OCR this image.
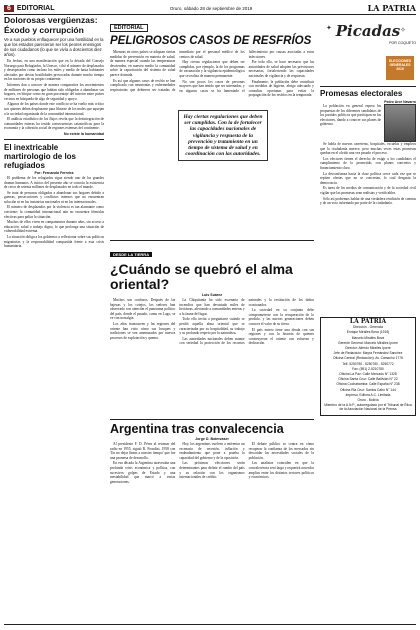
6 EDITORIAL	Oruro, sábado 28 de septiembre de 2019	LA PATRIA
Dolorosas vergüenzas: Éxodo y corrupción
Ve a sus pueblos enflaquecer por una hostilidad en la que los estados parecieran ser los peores enemigos de sus ciudadanos (lo que se vivía a doscientos diez años).

En fechas, en una manifestación que en la década del Consejo Noruego para Refugiados, la Unesco, cifró el número de desplazados y desesperados como incluso los miles y medio de hasta habitantes afectados por obvias hostilidades provocadas durante mucho tiempo en las naciones de su propio continente.

Informes dan a conocer de manera comparativa los movimientos de millones de personas que habían sido obligadas a abandonar sus hogares, en bloque como en gran porcentaje del interior entre países vecinos en búsqueda de algo de seguridad y apoyo.

Algunos de los países donde este conflicto se ha vuelto más crítico son quienes deben desplazarse para librarse de los males que aquejan a la sociedad organizada de la comunidad internacional.

El análisis estadístico de los flujos revela que la desintegración de comunidades enteras ha tenido consecuencias catastróficas para la economía y la cohesión social de regiones extensas del continente.

No existe la humanidad
El inextricable martirologio de los refugiados
Por: Fernando Ferreira

El problema de los refugiados sigue siendo uno de los grandes dramas humanos. A inicios del presente año se conocía la existencia de cerca de setenta millones de desplazados en todo el mundo.

Se trata de personas obligadas a abandonar sus hogares debido a guerras, persecuciones y conflictos internos que no encuentran solución ni en las instancias nacionales ni en las internacionales.

El número de desplazados por la violencia es tan alarmante como creciente; la comunidad internacional aún no encuentra fórmulas efectivas para paliar la situación.

Muchos de ellos viven en campamentos durante años, sin acceso a educación, salud o trabajo digno, lo que prolonga una situación de vulnerabilidad extrema.

La situación obliga a los gobiernos a reflexionar sobre sus políticas migratorias y la responsabilidad compartida frente a esta crisis humanitaria.

EDITORIAL
PELIGROSOS CASOS DE RESFRÍOS

Mientras en otros países se adoptan ciertas medidas de prevención en materia de salud, de manera especial cuando las temperaturas descienden, en nuestro medio la comunidad sobre la capacitación del sistema de salud parece dormida.

Es así que algunos casos de resfrío se han complicado con neumonías y enfermedades respiratorias que debieron ser tratadas de inmediato por el personal médico de los centros de salud.

Hay ciertas regulaciones que deben ser cumplidas, por ejemplo, la de los programas de vacunación y la vigilancia epidemiológica que se realiza de manera permanente.

No son pocos los casos de personas mayores que han tenido que ser internadas, y en algunos casos se ha lamentado el fallecimiento por causas asociadas a estas infecciones.

Por todo ello, se hace necesario que las autoridades de salud adopten las previsiones necesarias, fortaleciendo las capacidades nacionales de vigilancia y de respuesta.

Finalmente, la población debe contribuir con medidas de higiene, abrigo adecuado y consultas oportunas para evitar la propagación de los resfríos en la temporada.

Hay ciertas regulaciones que deben ser cumplidas. Con la de fortalecer las capacidades nacionales de vigilancia y respuesta de la prevención y tratamiento en un tiempo de sistema de salud y en coordinación con las autoridades.
DESDE LA TIERRA
¿Cuándo se quebró el alma oriental?
Luis Suárez

Muchos son confusos. Después de las bajezas y los cotejos, los señores han observado con atención el panorama político del país, donde el pasado, como en Lago, se ve con nostalgia.

Los años transcurren y las regiones del oriente han visto cómo sus bosques y tradiciones se ven amenazados por nuevos procesos de explotación y quema.

La Chiquitanía ha sido escenario de incendios que han devastado miles de hectáreas, afectando a comunidades enteras y a la fauna del lugar.

Todo ello invita a preguntarse cuándo se perdió aquella alma oriental que se caracterizaba por su hospitalidad, su trabajo y su profundo respeto por la naturaleza.

Las autoridades nacionales deben asumir con seriedad la protección de los recursos naturales y la restitución de los daños ocasionados.

La sociedad en su conjunto debe comprometerse con la recuperación de lo perdido, y las nuevas generaciones deben conocer el valor de su tierra.

El país entero tiene una deuda con sus regiones y con la historia de quienes construyeron el oriente con esfuerzo y dedicación.

Argentina tras convalecencia
Jorge D. Boimvaser

Al presidente F. D. Pérez al retomar del radio en 1955, siguió R. Frondizi, 1958 con 'Un no dejar líneas a nuestro tiempo' que fue una promesa de desarrollo.

En esa década la Argentina atravesaba una profunda crisis económica y política, con sucesivos golpes de Estado y una inestabilidad que marcó a varias generaciones.

Hoy, los argentinos vuelven a enfrentar un escenario de recesión, inflación y endeudamiento que pone a prueba la capacidad del gobierno y de la oposición.

Las próximas elecciones serán determinantes para definir el rumbo del país y su relación con los organismos internacionales de crédito.

El debate público se centra en cómo recuperar la confianza de los mercados sin descuidar las necesidades sociales de la población.

Los analistas coinciden en que la convalecencia será larga y requerirá acuerdos amplios entre los distintos sectores políticos y económicos.

✦	✧
Picadas
POR COQUETO
ELECCIONES
GENERALES
2019
Promesas electorales
Pedro Arce Navarro

La población en general espera las propuestas de los diferentes candidatos de los partidos políticos que participan en las elecciones, dando a conocer sus planes de gobierno.

Se habla de nuevas carreteras, hospitales, escuelas y empleos que la ciudadanía merece, pero muchas veces estas promesas quedan en el olvido una vez pasado el proceso.

Los electores tienen el derecho de exigir a los candidatos el cumplimiento de lo prometido, con planes concretos y financiamiento claro.

La desconfianza hacia la clase política crece cada vez que se repiten ofertas que no se concretan, lo cual desgasta la democracia.

Es tarea de los medios de comunicación y de la sociedad civil vigilar que las promesas sean realistas y verificables.

Sólo así podremos hablar de una verdadera rendición de cuentas y de un voto informado por parte de la ciudadanía.

LA PATRIA
Dirección - Gerencia
Enrique Miralles Bova (1919)
Marcelo Miralles Bova
Gerente General: Marcelo Miralles Iporre
Director: Alfredo Miralles Iporre
Jefe de Redacción: Mayra Fernández Sanchez
Oficina Central (Redacción): Av. Camacho 1776
Telf. 5250780 - 5250780 - 5250772
Fax: (591) 2-5210780
Oficina La Paz: Calle Mercado N° 1328
Oficina Santa Cruz: Calle Ballivián N° 22
Oficina Cochabamba: Calle España N° 238
Oficina Ria Cruz: Santos Cabo N° 144
Impreso: Editora A.C. Limitada
Oruro - Bolivia
Miembro de la A.N.P., autorregulado por el Tribunal de Ética de la Asociación Nacional de la Prensa
